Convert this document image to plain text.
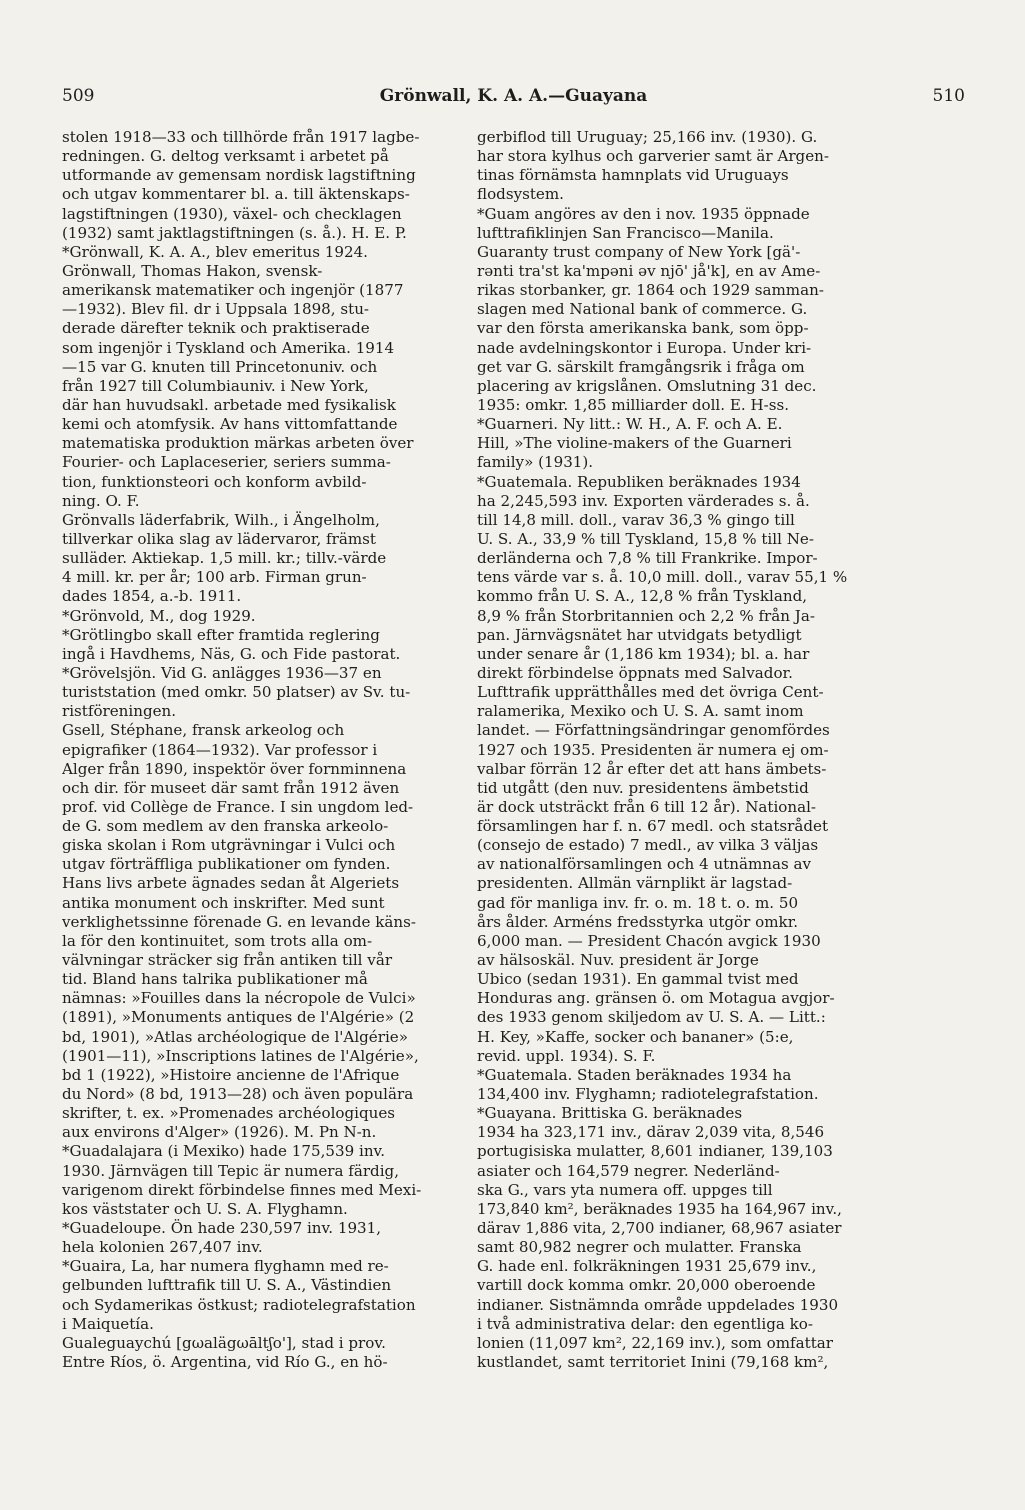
509	Grönwall, K. A. A.—Guayana	510
stolen 1918—33 och tillhörde från 1917 lagbe-
redningen. G. deltog verksamt i arbetet på
utformande av gemensam nordisk lagstiftning
och utgav kommentarer bl. a. till äktenskaps-
lagstiftningen (1930), växel- och checklagen
(1932) samt jaktlagstiftningen (s. å.). H. E. P.
*Grönwall, K. A. A., blev emeritus 1924.
Grönwall, Thomas Hakon, svensk-
amerikansk matematiker och ingenjör (1877
—1932). Blev fil. dr i Uppsala 1898, stu-
derade därefter teknik och praktiserade
som ingenjör i Tyskland och Amerika. 1914
—15 var G. knuten till Princetonuniv. och
från 1927 till Columbiauniv. i New York,
där han huvudsakl. arbetade med fysikalisk
kemi och atomfysik. Av hans vittomfattande
matematiska produktion märkas arbeten över
Fourier- och Laplaceserier, seriers summa-
tion, funktionsteori och konform avbild-
ning. O. F.
Grönvalls läderfabrik, Wilh., i Ängelholm,
tillverkar olika slag av lädervaror, främst
sulläder. Aktiekap. 1,5 mill. kr.; tillv.-värde
4 mill. kr. per år; 100 arb. Firman grun-
dades 1854, a.-b. 1911.
*Grönvold, M., dog 1929.
*Grötlingbo skall efter framtida reglering
ingå i Havdhems, Näs, G. och Fide pastorat.
*Grövelsjön. Vid G. anlägges 1936—37 en
turiststation (med omkr. 50 platser) av Sv. tu-
ristföreningen.
Gsell, Stéphane, fransk arkeolog och
epigrafiker (1864—1932). Var professor i
Alger från 1890, inspektör över fornminnena
och dir. för museet där samt från 1912 även
prof. vid Collège de France. I sin ungdom led-
de G. som medlem av den franska arkeolo-
giska skolan i Rom utgrävningar i Vulci och
utgav förträffliga publikationer om fynden.
Hans livs arbete ägnades sedan åt Algeriets
antika monument och inskrifter. Med sunt
verklighetssinne förenade G. en levande käns-
la för den kontinuitet, som trots alla om-
välvningar sträcker sig från antiken till vår
tid. Bland hans talrika publikationer må
nämnas: »Fouilles dans la nécropole de Vulci»
(1891), »Monuments antiques de l'Algérie» (2
bd, 1901), »Atlas archéologique de l'Algérie»
(1901—11), »Inscriptions latines de l'Algérie»,
bd 1 (1922), »Histoire ancienne de l'Afrique
du Nord» (8 bd, 1913—28) och även populära
skrifter, t. ex. »Promenades archéologiques
aux environs d'Alger» (1926). M. Pn N-n.
*Guadalajara (i Mexiko) hade 175,539 inv.
1930. Järnvägen till Tepic är numera färdig,
varigenom direkt förbindelse finnes med Mexi-
kos väststater och U. S. A. Flyghamn.
*Guadeloupe. Ön hade 230,597 inv. 1931,
hela kolonien 267,407 inv.
*Guaira, La, har numera flyghamn med re-
gelbunden lufttrafik till U. S. A., Västindien
och Sydamerikas östkust; radiotelegrafstation
i Maiquetía.
Gualeguaychú [gωalägωāltʃo'], stad i prov.
Entre Ríos, ö. Argentina, vid Río G., en hö-
gerbiflod till Uruguay; 25,166 inv. (1930). G.
har stora kylhus och garverier samt är Argen-
tinas förnämsta hamnplats vid Uruguays
flodsystem.
*Guam angöres av den i nov. 1935 öppnade
lufttrafiklinjen San Francisco—Manila.
Guaranty trust company of New York [gä'-
rənti tra'st ka'mpəni əv njō' jå'k], en av Ame-
rikas storbanker, gr. 1864 och 1929 samman-
slagen med National bank of commerce. G.
var den första amerikanska bank, som öpp-
nade avdelningskontor i Europa. Under kri-
get var G. särskilt framgångsrik i fråga om
placering av krigslånen. Omslutning 31 dec.
1935: omkr. 1,85 milliarder doll. E. H-ss.
*Guarneri. Ny litt.: W. H., A. F. och A. E.
Hill, »The violine-makers of the Guarneri
family» (1931).
*Guatemala. Republiken beräknades 1934
ha 2,245,593 inv. Exporten värderades s. å.
till 14,8 mill. doll., varav 36,3 % gingo till
U. S. A., 33,9 % till Tyskland, 15,8 % till Ne-
derländerna och 7,8 % till Frankrike. Impor-
tens värde var s. å. 10,0 mill. doll., varav 55,1 %
kommo från U. S. A., 12,8 % från Tyskland,
8,9 % från Storbritannien och 2,2 % från Ja-
pan. Järnvägsnätet har utvidgats betydligt
under senare år (1,186 km 1934); bl. a. har
direkt förbindelse öppnats med Salvador.
Lufttrafik upprätthålles med det övriga Cent-
ralamerika, Mexiko och U. S. A. samt inom
landet. — Författningsändringar genomfördes
1927 och 1935. Presidenten är numera ej om-
valbar förrän 12 år efter det att hans ämbets-
tid utgått (den nuv. presidentens ämbetstid
är dock utsträckt från 6 till 12 år). National-
församlingen har f. n. 67 medl. och statsrådet
(consejo de estado) 7 medl., av vilka 3 väljas
av nationalförsamlingen och 4 utnämnas av
presidenten. Allmän värnplikt är lagstad-
gad för manliga inv. fr. o. m. 18 t. o. m. 50
års ålder. Arméns fredsstyrka utgör omkr.
6,000 man. — President Chacón avgick 1930
av hälsoskäl. Nuv. president är Jorge
Ubico (sedan 1931). En gammal tvist med
Honduras ang. gränsen ö. om Motagua avgjor-
des 1933 genom skiljedom av U. S. A. — Litt.:
H. Key, »Kaffe, socker och bananer» (5:e,
revid. uppl. 1934). S. F.
*Guatemala. Staden beräknades 1934 ha
134,400 inv. Flyghamn; radiotelegrafstation.
*Guayana. Brittiska G. beräknades
1934 ha 323,171 inv., därav 2,039 vita, 8,546
portugisiska mulatter, 8,601 indianer, 139,103
asiater och 164,579 negrer. Nederländ-
ska G., vars yta numera off. uppges till
173,840 km², beräknades 1935 ha 164,967 inv.,
därav 1,886 vita, 2,700 indianer, 68,967 asiater
samt 80,982 negrer och mulatter. Franska
G. hade enl. folkräkningen 1931 25,679 inv.,
vartill dock komma omkr. 20,000 oberoende
indianer. Sistnämnda område uppdelades 1930
i två administrativa delar: den egentliga ko-
lonien (11,097 km², 22,169 inv.), som omfattar
kustlandet, samt territoriet Inini (79,168 km²,
